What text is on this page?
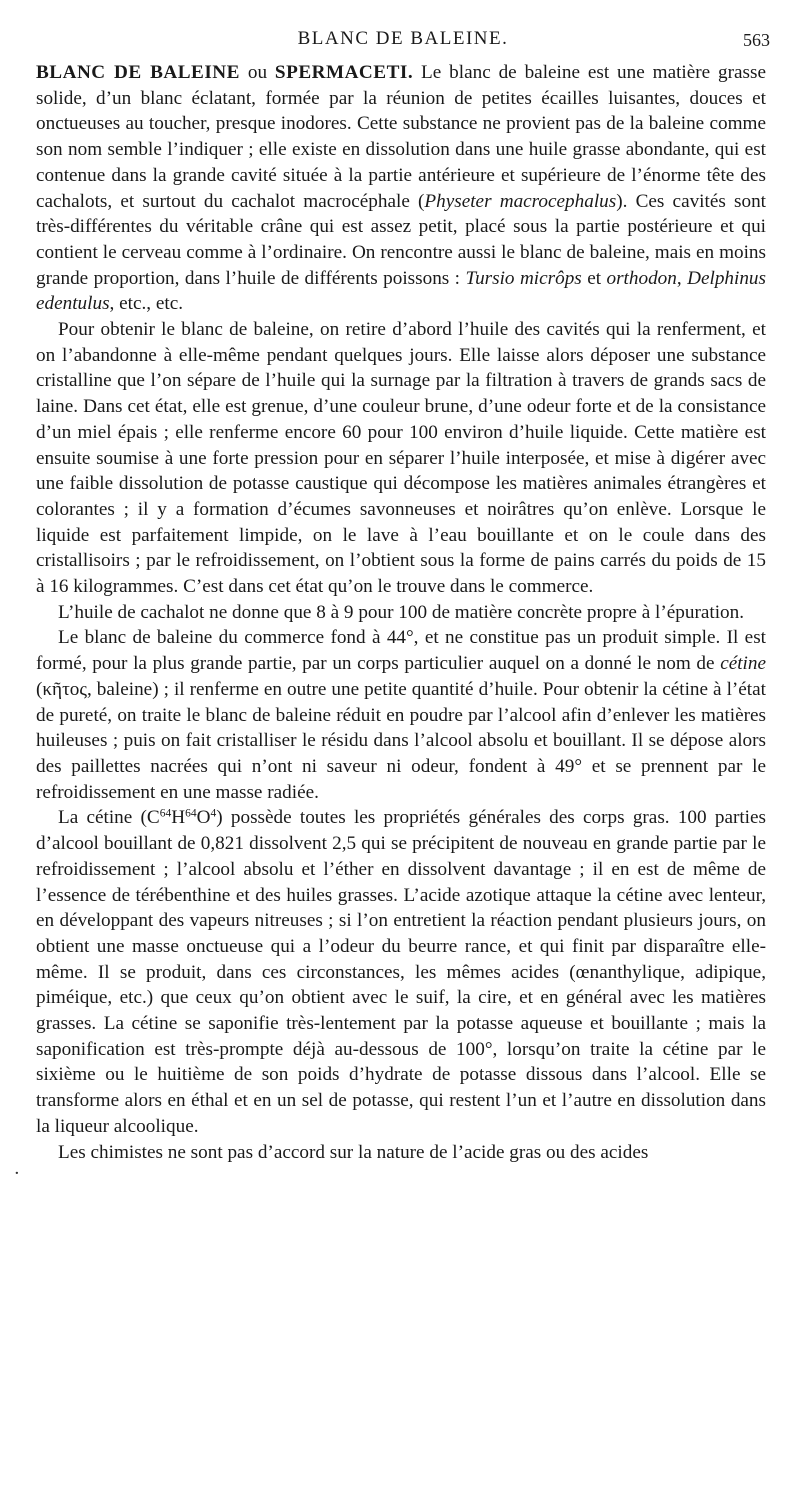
BLANC DE BALEINE.	563

BLANC DE BALEINE ou SPERMACETI. Le blanc de baleine est une matière grasse solide, d’un blanc éclatant, formée par la réunion de petites écailles luisantes, douces et onctueuses au toucher, presque inodores. Cette substance ne provient pas de la baleine comme son nom semble l’indiquer ; elle existe en dissolution dans une huile grasse abondante, qui est contenue dans la grande cavité située à la partie antérieure et supérieure de l’énorme tête des cachalots, et surtout du cachalot macrocéphale (Physeter macrocephalus). Ces cavités sont très-différentes du véritable crâne qui est assez petit, placé sous la partie postérieure et qui contient le cerveau comme à l’ordinaire. On rencontre aussi le blanc de baleine, mais en moins grande proportion, dans l’huile de différents poissons : Tursio micrôps et orthodon, Delphinus edentulus, etc., etc.

Pour obtenir le blanc de baleine, on retire d’abord l’huile des cavités qui la renferment, et on l’abandonne à elle-même pendant quelques jours. Elle laisse alors déposer une substance cristalline que l’on sépare de l’huile qui la surnage par la filtration à travers de grands sacs de laine. Dans cet état, elle est grenue, d’une couleur brune, d’une odeur forte et de la consistance d’un miel épais ; elle renferme encore 60 pour 100 environ d’huile liquide. Cette matière est ensuite soumise à une forte pression pour en séparer l’huile interposée, et mise à digérer avec une faible dissolution de potasse caustique qui décompose les matières animales étrangères et colorantes ; il y a formation d’écumes savonneuses et noirâtres qu’on enlève. Lorsque le liquide est parfaitement limpide, on le lave à l’eau bouillante et on le coule dans des cristallisoirs ; par le refroidissement, on l’obtient sous la forme de pains carrés du poids de 15 à 16 kilogrammes. C’est dans cet état qu’on le trouve dans le commerce.

L’huile de cachalot ne donne que 8 à 9 pour 100 de matière concrète propre à l’épuration.

Le blanc de baleine du commerce fond à 44°, et ne constitue pas un produit simple. Il est formé, pour la plus grande partie, par un corps particulier auquel on a donné le nom de cétine (κῆτος, baleine) ; il renferme en outre une petite quantité d’huile. Pour obtenir la cétine à l’état de pureté, on traite le blanc de baleine réduit en poudre par l’alcool afin d’enlever les matières huileuses ; puis on fait cristalliser le résidu dans l’alcool absolu et bouillant. Il se dépose alors des paillettes nacrées qui n’ont ni saveur ni odeur, fondent à 49° et se prennent par le refroidissement en une masse radiée.

La cétine $(C^{64}H^{64}O^4)$ possède toutes les propriétés générales des corps gras. 100 parties d’alcool bouillant de 0,821 dissolvent 2,5 qui se précipitent de nouveau en grande partie par le refroidissement ; l’alcool absolu et l’éther en dissolvent davantage ; il en est de même de l’essence de térébenthine et des huiles grasses. L’acide azotique attaque la cétine avec lenteur, en développant des vapeurs nitreuses ; si l’on entretient la réaction pendant plusieurs jours, on obtient une masse onctueuse qui a l’odeur du beurre rance, et qui finit par disparaître elle-même. Il se produit, dans ces circonstances, les mêmes acides (œnanthylique, adipique, piméique, etc.) que ceux qu’on obtient avec le suif, la cire, et en général avec les matières grasses. La cétine se saponifie très-lentement par la potasse aqueuse et bouillante ; mais la saponification est très-prompte déjà au-dessous de 100°, lorsqu’on traite la cétine par le sixième ou le huitième de son poids d’hydrate de potasse dissous dans l’alcool. Elle se transforme alors en éthal et en un sel de potasse, qui restent l’un et l’autre en dissolution dans la liqueur alcoolique.

Les chimistes ne sont pas d’accord sur la nature de l’acide gras ou des acides

·
